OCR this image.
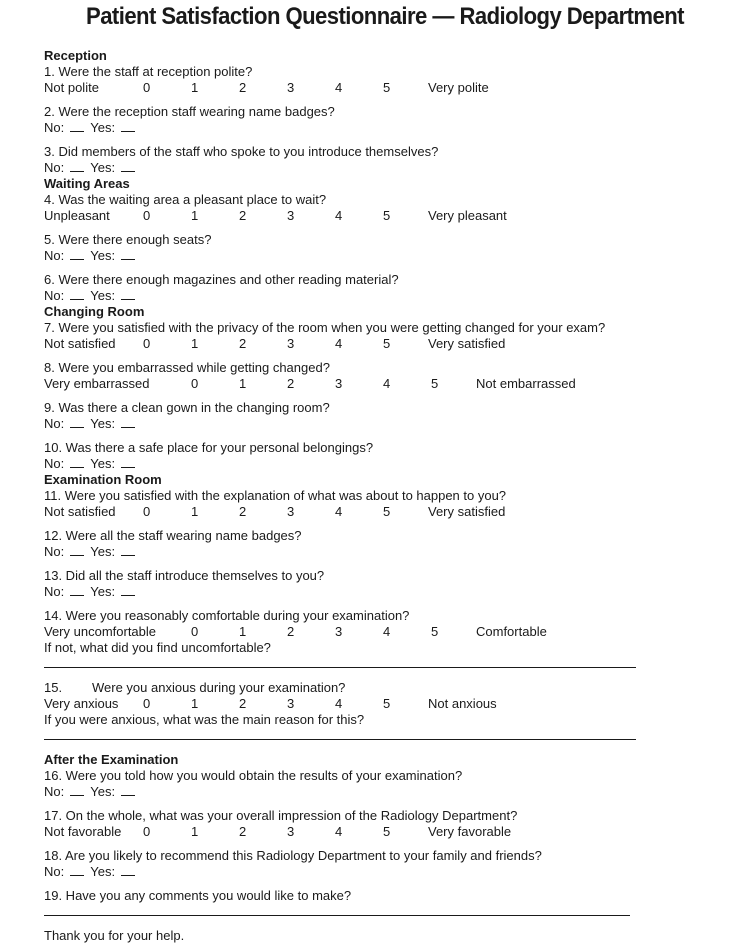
Patient Satisfaction Questionnaire — Radiology Department
Reception
1. Were the staff at reception polite?
Not polite	0	1	2	3	4	5	Very polite
2. Were the reception staff wearing name badges?
No: Yes:
3. Did members of the staff who spoke to you introduce themselves?
No: Yes:
Waiting Areas
4. Was the waiting area a pleasant place to wait?
Unpleasant	0	1	2	3	4	5	Very pleasant
5. Were there enough seats?
No: Yes:
6. Were there enough magazines and other reading material?
No: Yes:
Changing Room
7. Were you satisfied with the privacy of the room when you were getting changed for your exam?
Not satisfied 0	1	2	3	4	5	Very satisfied
8. Were you embarrassed while getting changed?
Very embarrassed	0	1	2	3	4	5	Not embarrassed
9. Was there a clean gown in the changing room?
No: Yes:
10. Was there a safe place for your personal belongings?
No: Yes:
Examination Room
11. Were you satisfied with the explanation of what was about to happen to you?
Not satisfied 0	1	2	3	4	5	Very satisfied
12. Were all the staff wearing name badges?
No: Yes:
13. Did all the staff introduce themselves to you?
No: Yes:
14. Were you reasonably comfortable during your examination?
Very uncomfortable	0	1	2	3	4	5	Comfortable
If not, what did you find uncomfortable?
15. Were you anxious during your examination?
Very anxious 0	1	2	3	4	5	Not anxious
If you were anxious, what was the main reason for this?
After the Examination
16. Were you told how you would obtain the results of your examination?
No: Yes:
17. On the whole, what was your overall impression of the Radiology Department?
Not favorable 0	1	2	3	4	5	Very favorable
18. Are you likely to recommend this Radiology Department to your family and friends?
No: Yes:
19. Have you any comments you would like to make?
Thank you for your help.
